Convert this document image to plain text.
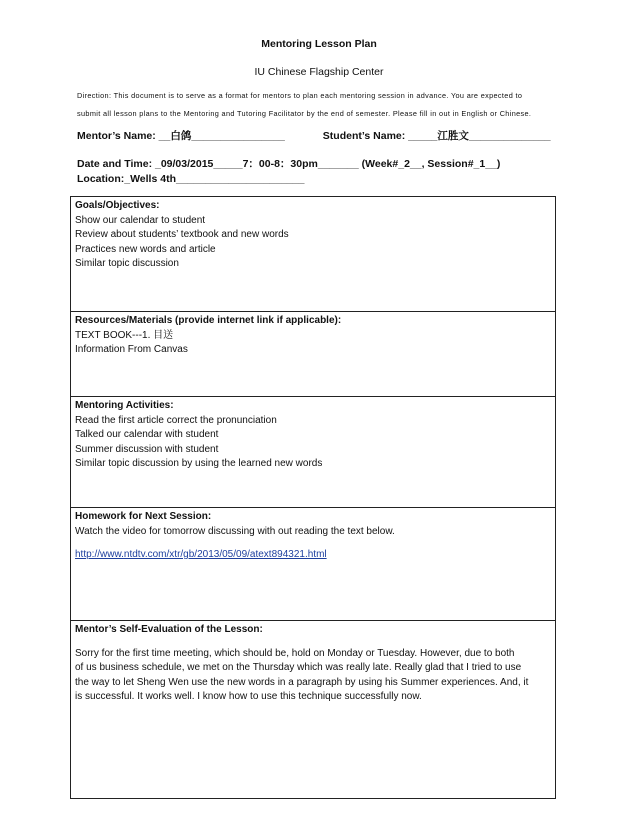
Mentoring Lesson Plan
IU Chinese Flagship Center
Direction: This document is to serve as a format for mentors to plan each mentoring session in advance. You are expected to
submit all lesson plans to the Mentoring and Tutoring Facilitator by the end of semester. Please fill in out in English or Chinese.
Mentor’s Name: __白鸽________________	Student’s Name: _____江胜文______________
Date and Time: _09/03/2015_____7：00-8：30pm_______ (Week#_2__, Session#_1__)
Location:_Wells 4th______________________
Goals/Objectives:
Show our calendar to student
Review about students’ textbook and new words
Practices new words and article
Similar topic discussion
Resources/Materials (provide internet link if applicable):
TEXT BOOK---1. 目送
Information From Canvas
Mentoring Activities:
Read the first article correct the pronunciation
Talked our calendar with student
Summer discussion with student
Similar topic discussion by using the learned new words
Homework for Next Session:
Watch the video for tomorrow discussing with out reading the text below.
http://www.ntdtv.com/xtr/gb/2013/05/09/atext894321.html
Mentor’s Self-Evaluation of the Lesson:
Sorry for the first time meeting, which should be, hold on Monday or Tuesday. However, due to both
of us business schedule, we met on the Thursday which was really late. Really glad that I tried to use
the way to let Sheng Wen use the new words in a paragraph by using his Summer experiences. And, it
is successful. It works well. I know how to use this technique successfully now.
